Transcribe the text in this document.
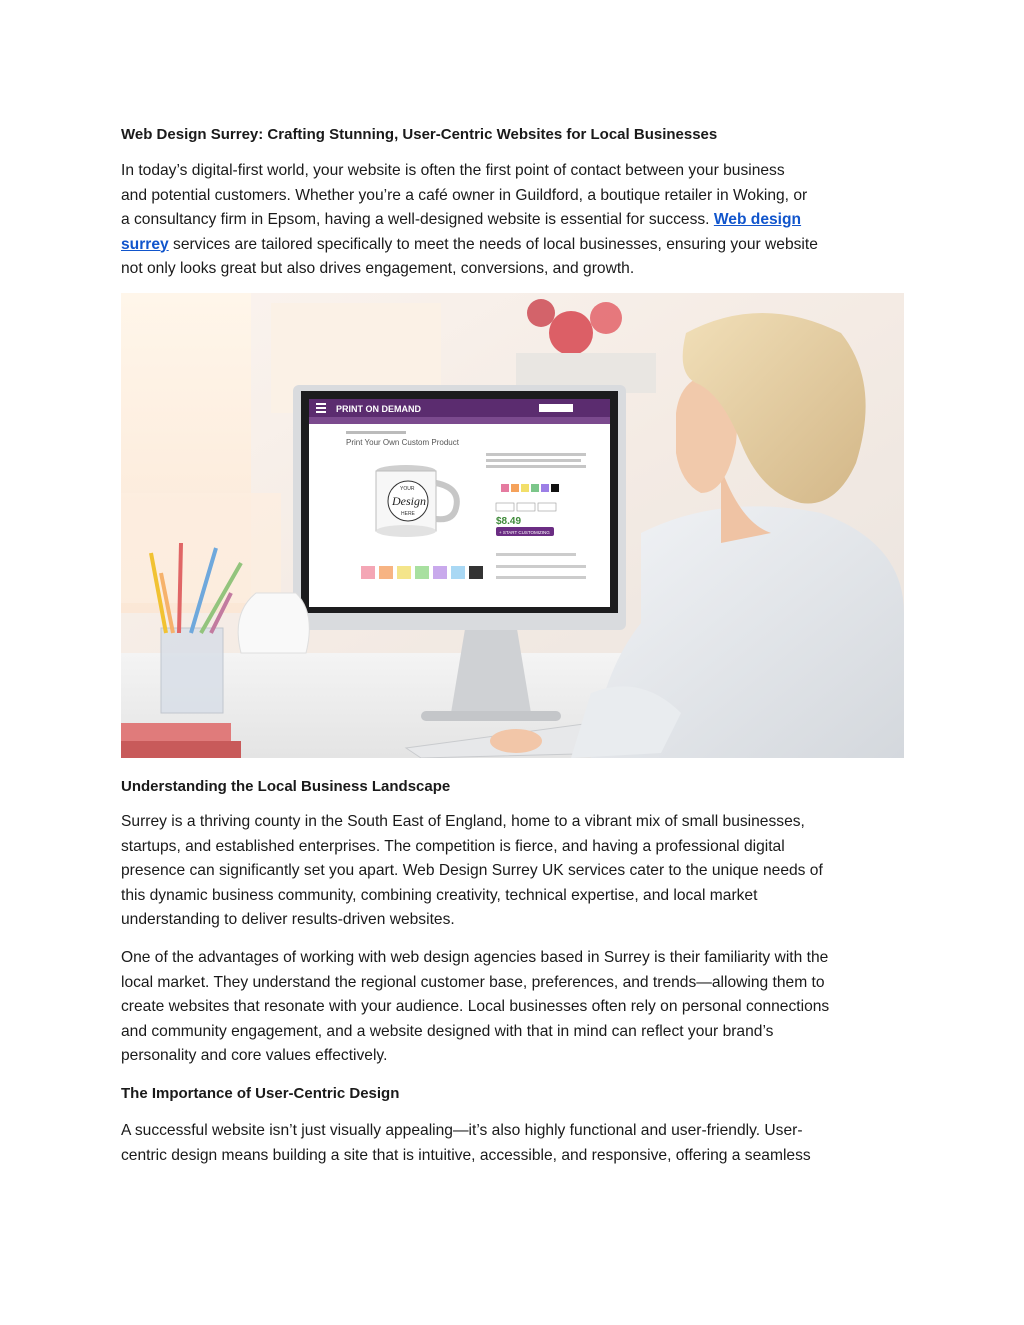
Web Design Surrey: Crafting Stunning, User-Centric Websites for Local Businesses
In today’s digital-first world, your website is often the first point of contact between your business
and potential customers. Whether you’re a café owner in Guildford, a boutique retailer in Woking, or
a consultancy firm in Epsom, having a well-designed website is essential for success. Web design
surrey services are tailored specifically to meet the needs of local businesses, ensuring your website
not only looks great but also drives engagement, conversions, and growth.
PRINT ON DEMAND
Print Your Own Custom Product
YOUR
Design
HERE
$8.49
+ START CUSTOMIZING
Understanding the Local Business Landscape
Surrey is a thriving county in the South East of England, home to a vibrant mix of small businesses,
startups, and established enterprises. The competition is fierce, and having a professional digital
presence can significantly set you apart. Web Design Surrey UK services cater to the unique needs of
this dynamic business community, combining creativity, technical expertise, and local market
understanding to deliver results-driven websites.
One of the advantages of working with web design agencies based in Surrey is their familiarity with the
local market. They understand the regional customer base, preferences, and trends—allowing them to
create websites that resonate with your audience. Local businesses often rely on personal connections
and community engagement, and a website designed with that in mind can reflect your brand’s
personality and core values effectively.
The Importance of User-Centric Design
A successful website isn’t just visually appealing—it’s also highly functional and user-friendly. User-
centric design means building a site that is intuitive, accessible, and responsive, offering a seamless
